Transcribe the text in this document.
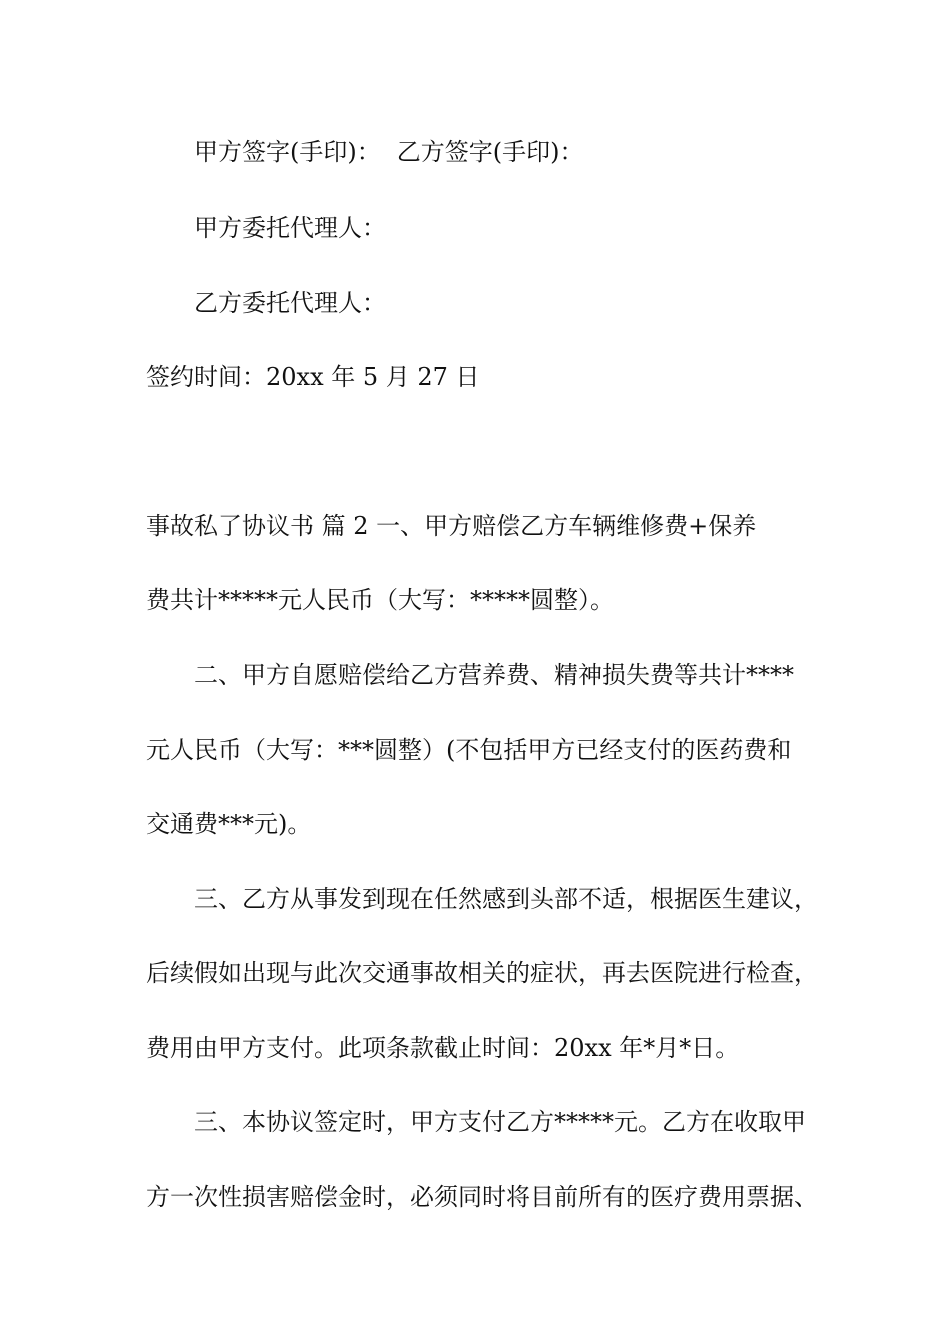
甲方签字(手印)： 乙方签字(手印)：
甲方委托代理人：
乙方委托代理人：
签约时间：20xx 年 5 月 27 日
事故私了协议书 篇 2 一、甲方赔偿乙方车辆维修费+保养
费共计*****元人民币（大写：*****圆整）。
二、甲方自愿赔偿给乙方营养费、精神损失费等共计****
元人民币（大写：***圆整）(不包括甲方已经支付的医药费和
交通费***元)。
三、乙方从事发到现在任然感到头部不适，根据医生建议，
后续假如出现与此次交通事故相关的症状，再去医院进行检查，
费用由甲方支付。此项条款截止时间：20xx 年*月*日。
三、本协议签定时，甲方支付乙方*****元。乙方在收取甲
方一次性损害赔偿金时，必须同时将目前所有的医疗费用票据、
